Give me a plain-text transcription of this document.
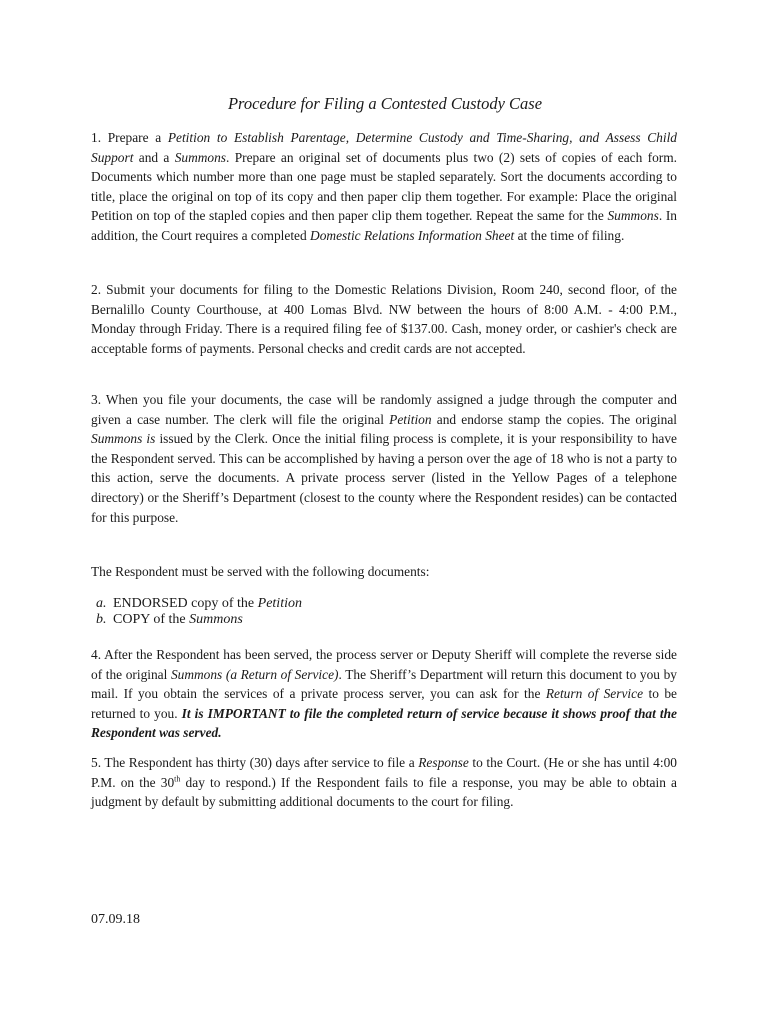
Procedure for Filing a Contested Custody Case

1. Prepare a Petition to Establish Parentage, Determine Custody and Time-Sharing, and Assess Child Support and a Summons. Prepare an original set of documents plus two (2) sets of copies of each form. Documents which number more than one page must be stapled separately. Sort the documents according to title, place the original on top of its copy and then paper clip them together. For example: Place the original Petition on top of the stapled copies and then paper clip them together. Repeat the same for the Summons. In addition, the Court requires a completed Domestic Relations Information Sheet at the time of filing.

2. Submit your documents for filing to the Domestic Relations Division, Room 240, second floor, of the Bernalillo County Courthouse, at 400 Lomas Blvd. NW between the hours of 8:00 A.M. - 4:00 P.M., Monday through Friday. There is a required filing fee of $137.00. Cash, money order, or cashier's check are acceptable forms of payments. Personal checks and credit cards are not accepted.

3. When you file your documents, the case will be randomly assigned a judge through the computer and given a case number. The clerk will file the original Petition and endorse stamp the copies. The original Summons is issued by the Clerk. Once the initial filing process is complete, it is your responsibility to have the Respondent served. This can be accomplished by having a person over the age of 18 who is not a party to this action, serve the documents. A private process server (listed in the Yellow Pages of a telephone directory) or the Sheriff’s Department (closest to the county where the Respondent resides) can be contacted for this purpose.

The Respondent must be served with the following documents:

a. ENDORSED copy of the Petition
b. COPY of the Summons

4. After the Respondent has been served, the process server or Deputy Sheriff will complete the reverse side of the original Summons (a Return of Service). The Sheriff’s Department will return this document to you by mail. If you obtain the services of a private process server, you can ask for the Return of Service to be returned to you. It is IMPORTANT to file the completed return of service because it shows proof that the Respondent was served.

5. The Respondent has thirty (30) days after service to file a Response to the Court. (He or she has until 4:00 P.M. on the 30th day to respond.) If the Respondent fails to file a response, you may be able to obtain a judgment by default by submitting additional documents to the court for filing.

07.09.18
